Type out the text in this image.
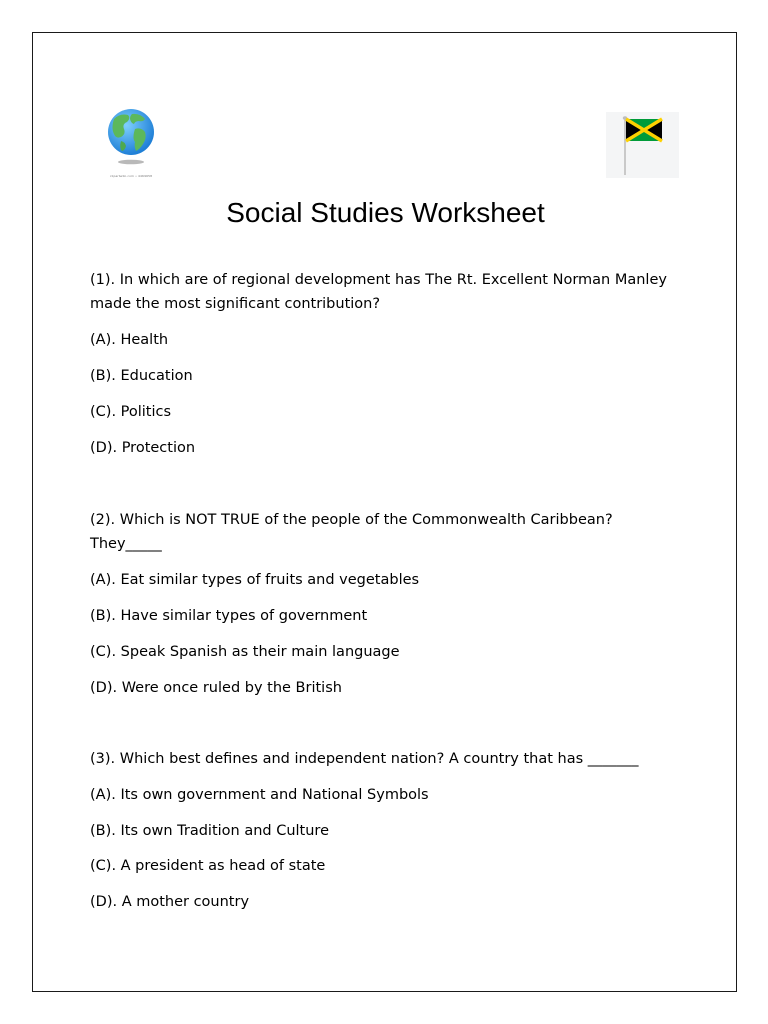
clipartwiki.com • 4469658
Social Studies Worksheet
(1). In which are of regional development has The Rt. Excellent Norman Manley
made the most significant contribution?
(A). Health
(B). Education
(C). Politics
(D). Protection
(2). Which is NOT TRUE of the people of the Commonwealth Caribbean?
They_____
(A). Eat similar types of fruits and vegetables
(B). Have similar types of government
(C). Speak Spanish as their main language
(D). Were once ruled by the British
(3). Which best defines and independent nation? A country that has _______
(A). Its own government and National Symbols
(B). Its own Tradition and Culture
(C). A president as head of state
(D). A mother country
